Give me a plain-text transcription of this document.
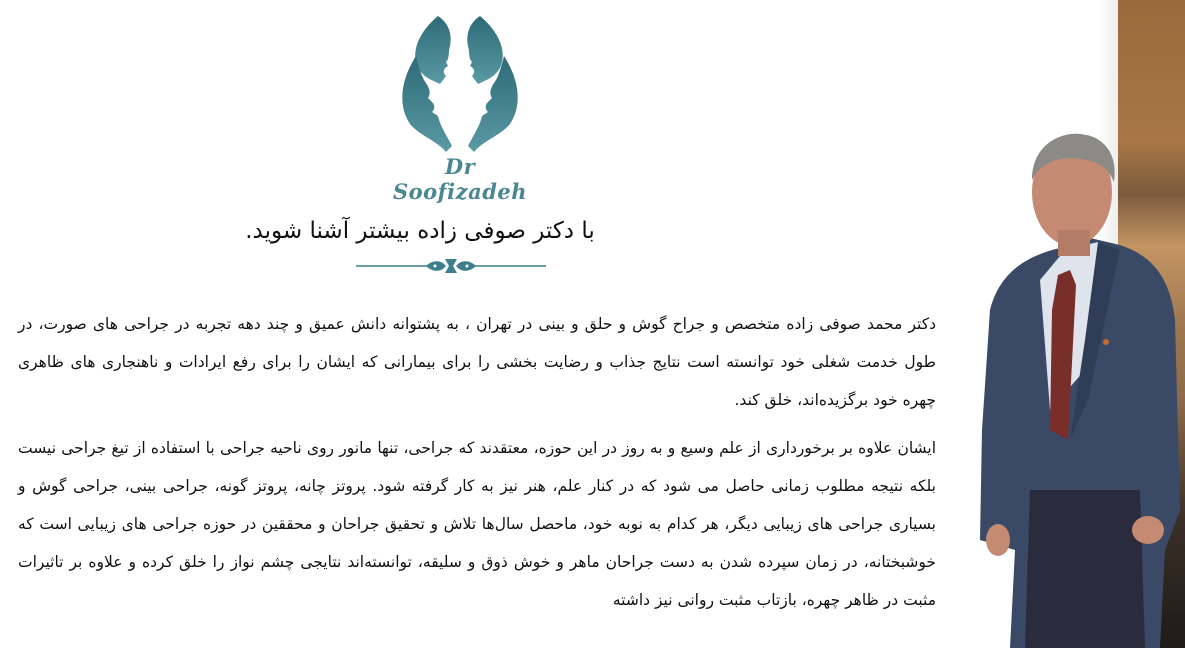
Dr Soofizadeh
با دکتر صوفی زاده بیشتر آشنا شوید.

دکتر محمد صوفی زاده متخصص و جراح گوش و حلق و بینی در تهران ، به پشتوانه دانش عمیق و چند دهه تجربه در جراحی های صورت، در طول خدمت شغلی خود توانسته است نتایج جذاب و رضایت بخشی را برای بیمارانی که ایشان را برای رفع ایرادات و ناهنجاری های ظاهری چهره خود برگزیده‌اند، خلق کند.

ایشان علاوه بر برخورداری از علم وسیع و به روز در این حوزه، معتقدند که جراحی، تنها مانور روی ناحیه جراحی با استفاده از تیغ جراحی نیست بلکه نتیجه مطلوب زمانی حاصل می شود که در کنار علم، هنر نیز به کار گرفته شود. پروتز چانه، پروتز گونه، جراحی بینی، جراحی گوش و بسیاری جراحی های زیبایی دیگر، هر کدام به نوبه خود، ماحصل سال‌ها تلاش و تحقیق جراحان و محققین در حوزه جراحی های زیبایی است که خوشبختانه، در زمان سپرده شدن به دست جراحان ماهر و خوش ذوق و سلیقه، توانسته‌اند نتایجی چشم نواز را خلق کرده و علاوه بر تاثیرات مثبت در ظاهر چهره، بازتاب مثبت روانی نیز داشته
